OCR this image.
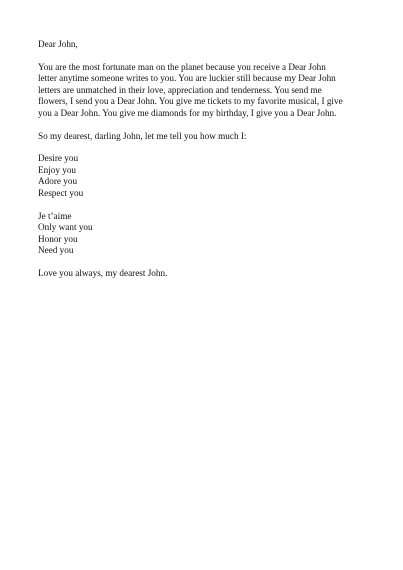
Dear John,
You are the most fortunate man on the planet because you receive a Dear John
letter anytime someone writes to you. You are luckier still because my Dear John
letters are unmatched in their love, appreciation and tenderness. You send me
flowers, I send you a Dear John. You give me tickets to my favorite musical, I give
you a Dear John. You give me diamonds for my birthday, I give you a Dear John.
So my dearest, darling John, let me tell you how much I:
Desire you
Enjoy you
Adore you
Respect you
Je t’aime
Only want you
Honor you
Need you
Love you always, my dearest John.
